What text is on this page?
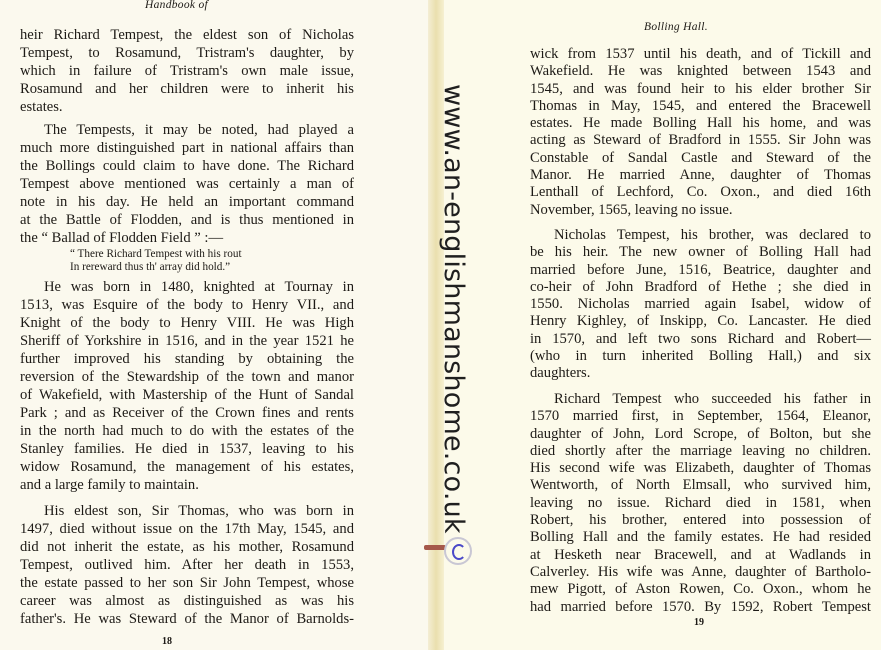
Handbook of
18
heir Richard Tempest, the eldest son of Nicholas
Tempest, to Rosamund, Tristram's daughter, by
which in failure of Tristram's own male issue,
Rosamund and her children were to inherit his
estates.
The Tempests, it may be noted, had played a
much more distinguished part in national affairs than
the Bollings could claim to have done. The Richard
Tempest above mentioned was certainly a man of
note in his day. He held an important command
at the Battle of Flodden, and is thus mentioned in
the “ Ballad of Flodden Field ” :—
“ There Richard Tempest with his rout
In rereward thus th' array did hold.”
He was born in 1480, knighted at Tournay in
1513, was Esquire of the body to Henry VII., and
Knight of the body to Henry VIII. He was High
Sheriff of Yorkshire in 1516, and in the year 1521 he
further improved his standing by obtaining the
reversion of the Stewardship of the town and manor
of Wakefield, with Mastership of the Hunt of Sandal
Park ; and as Receiver of the Crown fines and rents
in the north had much to do with the estates of the
Stanley families. He died in 1537, leaving to his
widow Rosamund, the management of his estates,
and a large family to maintain.
His eldest son, Sir Thomas, who was born in
1497, died without issue on the 17th May, 1545, and
did not inherit the estate, as his mother, Rosamund
Tempest, outlived him. After her death in 1553,
the estate passed to her son Sir John Tempest, whose
career was almost as distinguished as was his
father's. He was Steward of the Manor of Barnolds-
Bolling Hall.
19
wick from 1537 until his death, and of Tickill and
Wakefield. He was knighted between 1543 and
1545, and was found heir to his elder brother Sir
Thomas in May, 1545, and entered the Bracewell
estates. He made Bolling Hall his home, and was
acting as Steward of Bradford in 1555. Sir John was
Constable of Sandal Castle and Steward of the
Manor. He married Anne, daughter of Thomas
Lenthall of Lechford, Co. Oxon., and died 16th
November, 1565, leaving no issue.
Nicholas Tempest, his brother, was declared to
be his heir. The new owner of Bolling Hall had
married before June, 1516, Beatrice, daughter and
co-heir of John Bradford of Hethe ; she died in
1550. Nicholas married again Isabel, widow of
Henry Kighley, of Inskipp, Co. Lancaster. He died
in 1570, and left two sons Richard and Robert—
(who in turn inherited Bolling Hall,) and six
daughters.
Richard Tempest who succeeded his father in
1570 married first, in September, 1564, Eleanor,
daughter of John, Lord Scrope, of Bolton, but she
died shortly after the marriage leaving no children.
His second wife was Elizabeth, daughter of Thomas
Wentworth, of North Elmsall, who survived him,
leaving no issue. Richard died in 1581, when
Robert, his brother, entered into possession of
Bolling Hall and the family estates. He had resided
at Hesketh near Bracewell, and at Wadlands in
Calverley. His wife was Anne, daughter of Bartholo-
mew Pigott, of Aston Rowen, Co. Oxon., whom he
had married before 1570. By 1592, Robert Tempest
www.an-englishmanshome.co.uk
